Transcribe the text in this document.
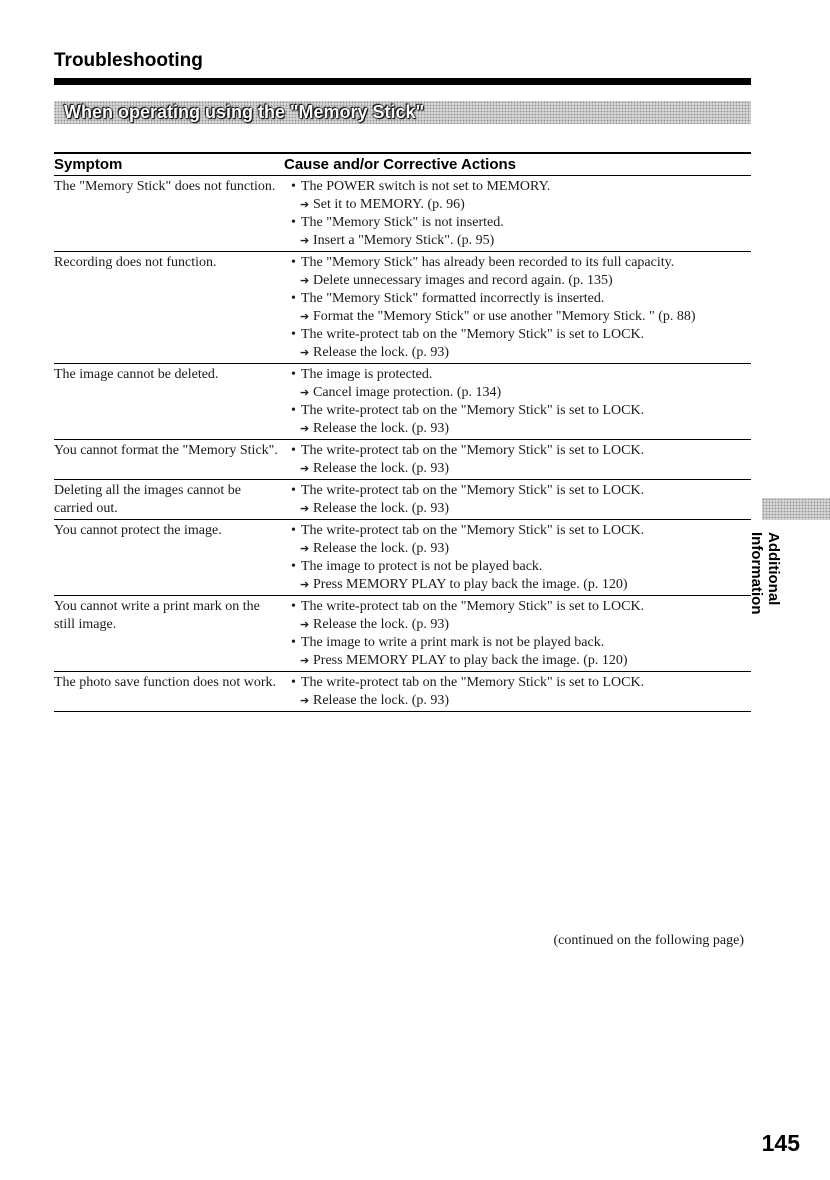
Troubleshooting
When operating using the "Memory Stick"
Symptom	Cause and/or Corrective Actions
The "Memory Stick" does not function. • The POWER switch is not set to MEMORY.
➔ Set it to MEMORY. (p. 96)
• The "Memory Stick" is not inserted.
➔ Insert a "Memory Stick". (p. 95)
Recording does not function.	• The "Memory Stick" has already been recorded to its full capacity.
➔ Delete unnecessary images and record again. (p. 135)
• The "Memory Stick" formatted incorrectly is inserted.
➔ Format the "Memory Stick" or use another "Memory Stick. " (p. 88)
• The write-protect tab on the "Memory Stick" is set to LOCK.
➔ Release the lock. (p. 93)
The image cannot be deleted.	• The image is protected.
➔ Cancel image protection. (p. 134)
• The write-protect tab on the "Memory Stick" is set to LOCK.
➔ Release the lock. (p. 93)
You cannot format the "Memory Stick". • The write-protect tab on the "Memory Stick" is set to LOCK.
➔ Release the lock. (p. 93)
Deleting all the images cannot be carried out.
• The write-protect tab on the "Memory Stick" is set to LOCK.
➔ Release the lock. (p. 93)
You cannot protect the image.	• The write-protect tab on the "Memory Stick" is set to LOCK.
➔ Release the lock. (p. 93)
• The image to protect is not be played back.
➔ Press MEMORY PLAY to play back the image. (p. 120)
You cannot write a print mark on the still image.
• The write-protect tab on the "Memory Stick" is set to LOCK.
➔ Release the lock. (p. 93)
• The image to write a print mark is not be played back.
➔ Press MEMORY PLAY to play back the image. (p. 120)
The photo save function does not work. • The write-protect tab on the "Memory Stick" is set to LOCK.
➔ Release the lock. (p. 93)
(continued on the following page)
Additional Information
145
